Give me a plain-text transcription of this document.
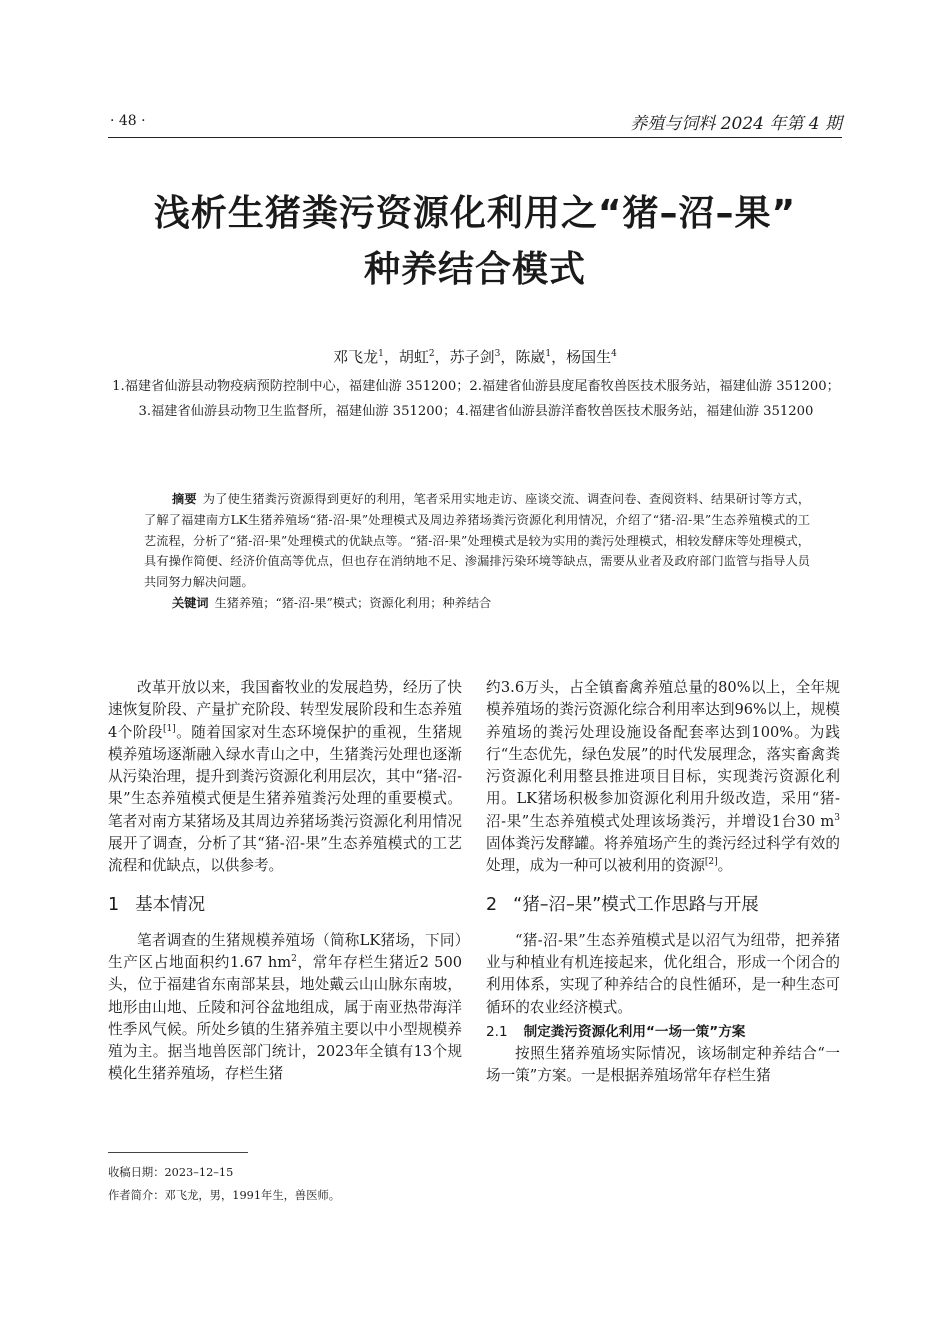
· 48 ·	养殖与饲料 2024 年第 4 期
浅析生猪粪污资源化利用之“猪–沼–果”
种养结合模式
邓飞龙$^1$，胡虹$^2$，苏子剑$^3$，陈崴$^1$，杨国生$^4$
1.福建省仙游县动物疫病预防控制中心，福建仙游 351200；2.福建省仙游县度尾畜牧兽医技术服务站，福建仙游 351200；3.福建省仙游县动物卫生监督所，福建仙游 351200；4.福建省仙游县游洋畜牧兽医技术服务站，福建仙游 351200
摘要 为了使生猪粪污资源得到更好的利用，笔者采用实地走访、座谈交流、调查问卷、查阅资料、结果研讨等方式，了解了福建南方LK生猪养殖场“猪-沼-果”处理模式及周边养猪场粪污资源化利用情况，介绍了“猪-沼-果”生态养殖模式的工艺流程，分析了“猪-沼-果”处理模式的优缺点等。“猪-沼-果”处理模式是较为实用的粪污处理模式，相较发酵床等处理模式，具有操作简便、经济价值高等优点，但也存在消纳地不足、渗漏排污染环境等缺点，需要从业者及政府部门监管与指导人员共同努力解决问题。
关键词 生猪养殖；“猪-沼-果”模式；资源化利用；种养结合

改革开放以来，我国畜牧业的发展趋势，经历了快速恢复阶段、产量扩充阶段、转型发展阶段和生态养殖4个阶段[1]。随着国家对生态环境保护的重视，生猪规模养殖场逐渐融入绿水青山之中，生猪粪污处理也逐渐从污染治理，提升到粪污资源化利用层次，其中“猪-沼-果”生态养殖模式便是生猪养殖粪污处理的重要模式。笔者对南方某猪场及其周边养猪场粪污资源化利用情况展开了调查，分析了其“猪-沼-果”生态养殖模式的工艺流程和优缺点，以供参考。

1 基本情况

笔者调查的生猪规模养殖场（简称LK猪场，下同）生产区占地面积约1.67 $hm^2$，常年存栏生猪近2 500头，位于福建省东南部某县，地处戴云山山脉东南坡，地形由山地、丘陵和河谷盆地组成，属于南亚热带海洋性季风气候。所处乡镇的生猪养殖主要以中小型规模养殖为主。据当地兽医部门统计，2023年全镇有13个规模化生猪养殖场，存栏生猪

约3.6万头，占全镇畜禽养殖总量的80%以上，全年规模养殖场的粪污资源化综合利用率达到96%以上，规模养殖场的粪污处理设施设备配套率达到100%。为践行“生态优先，绿色发展”的时代发展理念，落实畜禽粪污资源化利用整县推进项目目标，实现粪污资源化利用。LK猪场积极参加资源化利用升级改造，采用“猪-沼-果”生态养殖模式处理该场粪污，并增设1台30 $m^3$固体粪污发酵罐。将养殖场产生的粪污经过科学有效的处理，成为一种可以被利用的资源[2]。

2 “猪–沼–果”模式工作思路与开展

“猪-沼-果”生态养殖模式是以沼气为纽带，把养猪业与种植业有机连接起来，优化组合，形成一个闭合的利用体系，实现了种养结合的良性循环，是一种生态可循环的农业经济模式。

2.1 制定粪污资源化利用“一场一策”方案

按照生猪养殖场实际情况，该场制定种养结合“一场一策”方案。一是根据养殖场常年存栏生猪

收稿日期：2023–12–15
作者简介：邓飞龙，男，1991年生，兽医师。
